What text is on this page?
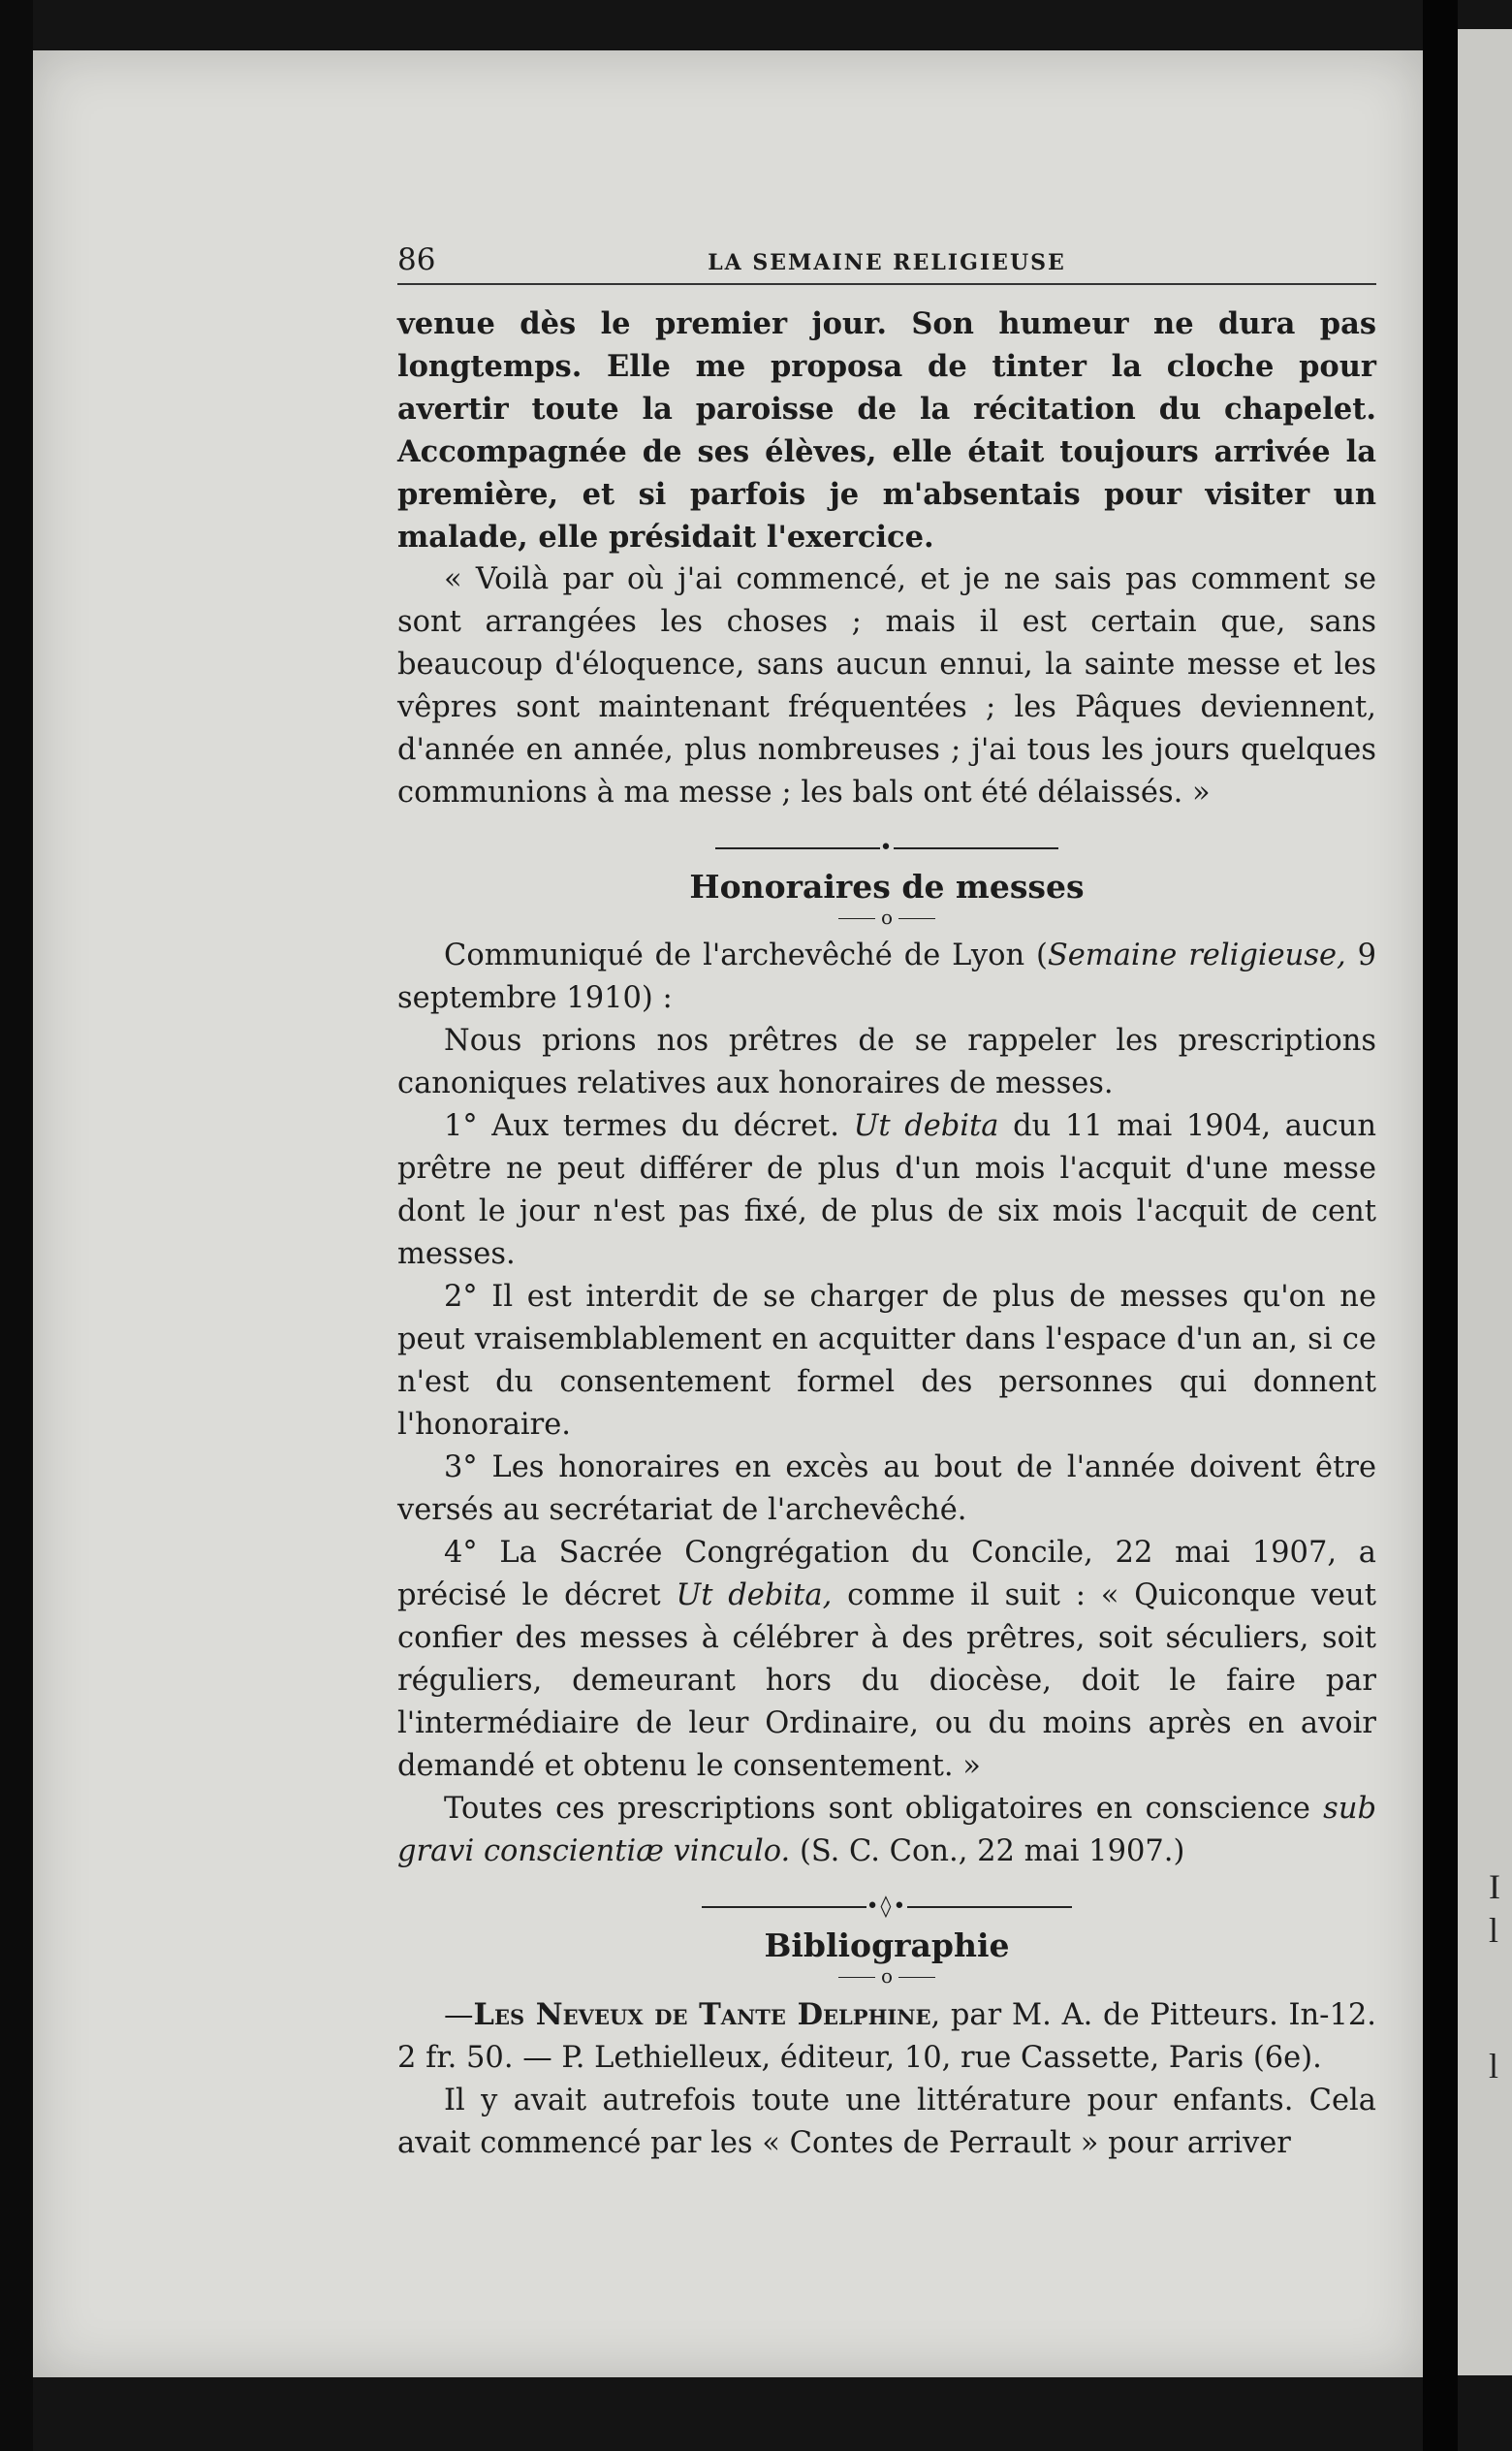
I
l
l
86	LA SEMAINE RELIGIEUSE

venue dès le premier jour. Son humeur ne dura pas longtemps. Elle me proposa de tinter la cloche pour avertir toute la paroisse de la récitation du chapelet. Accompagnée de ses élèves, elle était toujours arrivée la première, et si parfois je m'absentais pour visiter un malade, elle présidait l'exercice.

« Voilà par où j'ai commencé, et je ne sais pas comment se sont arrangées les choses ; mais il est certain que, sans beaucoup d'éloquence, sans aucun ennui, la sainte messe et les vêpres sont maintenant fréquentées ; les Pâques deviennent, d'année en année, plus nombreuses ; j'ai tous les jours quelques communions à ma messe ; les bals ont été délaissés. »

•
Honoraires de messes
o

Communiqué de l'archevêché de Lyon (Semaine religieuse, 9 septembre 1910) :

Nous prions nos prêtres de se rappeler les prescriptions canoniques relatives aux honoraires de messes.

1° Aux termes du décret. Ut debita du 11 mai 1904, aucun prêtre ne peut différer de plus d'un mois l'acquit d'une messe dont le jour n'est pas fixé, de plus de six mois l'acquit de cent messes.

2° Il est interdit de se charger de plus de messes qu'on ne peut vraisemblablement en acquitter dans l'espace d'un an, si ce n'est du consentement formel des personnes qui donnent l'honoraire.

3° Les honoraires en excès au bout de l'année doivent être versés au secrétariat de l'archevêché.

4° La Sacrée Congrégation du Concile, 22 mai 1907, a précisé le décret Ut debita, comme il suit : « Quiconque veut confier des messes à célébrer à des prêtres, soit séculiers, soit réguliers, demeurant hors du diocèse, doit le faire par l'intermédiaire de leur Ordinaire, ou du moins après en avoir demandé et obtenu le consentement. »

Toutes ces prescriptions sont obligatoires en conscience sub gravi conscientiæ vinculo. (S. C. Con., 22 mai 1907.)

•◊•
Bibliographie
o

—Les Neveux de Tante Delphine, par M. A. de Pitteurs. In-12. 2 fr. 50. — P. Lethielleux, éditeur, 10, rue Cassette, Paris (6e).

Il y avait autrefois toute une littérature pour enfants. Cela avait commencé par les « Contes de Perrault » pour arriver
